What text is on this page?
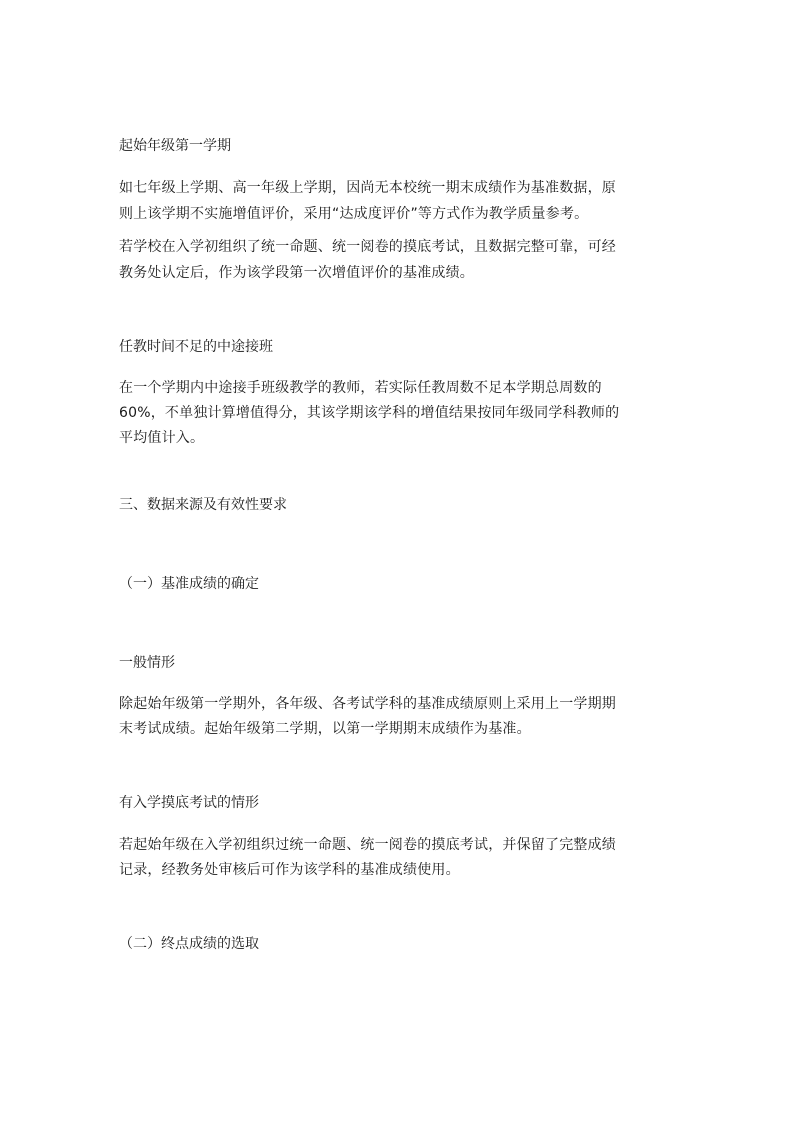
起始年级第一学期
如七年级上学期、高一年级上学期，因尚无本校统一期末成绩作为基准数据，原
则上该学期不实施增值评价，采用“达成度评价”等方式作为教学质量参考。
若学校在入学初组织了统一命题、统一阅卷的摸底考试，且数据完整可靠，可经
教务处认定后，作为该学段第一次增值评价的基准成绩。
任教时间不足的中途接班
在一个学期内中途接手班级教学的教师，若实际任教周数不足本学期总周数的
60%，不单独计算增值得分，其该学期该学科的增值结果按同年级同学科教师的
平均值计入。
三、数据来源及有效性要求
（一）基准成绩的确定
一般情形
除起始年级第一学期外，各年级、各考试学科的基准成绩原则上采用上一学期期
末考试成绩。起始年级第二学期，以第一学期期末成绩作为基准。
有入学摸底考试的情形
若起始年级在入学初组织过统一命题、统一阅卷的摸底考试，并保留了完整成绩
记录，经教务处审核后可作为该学科的基准成绩使用。
（二）终点成绩的选取
